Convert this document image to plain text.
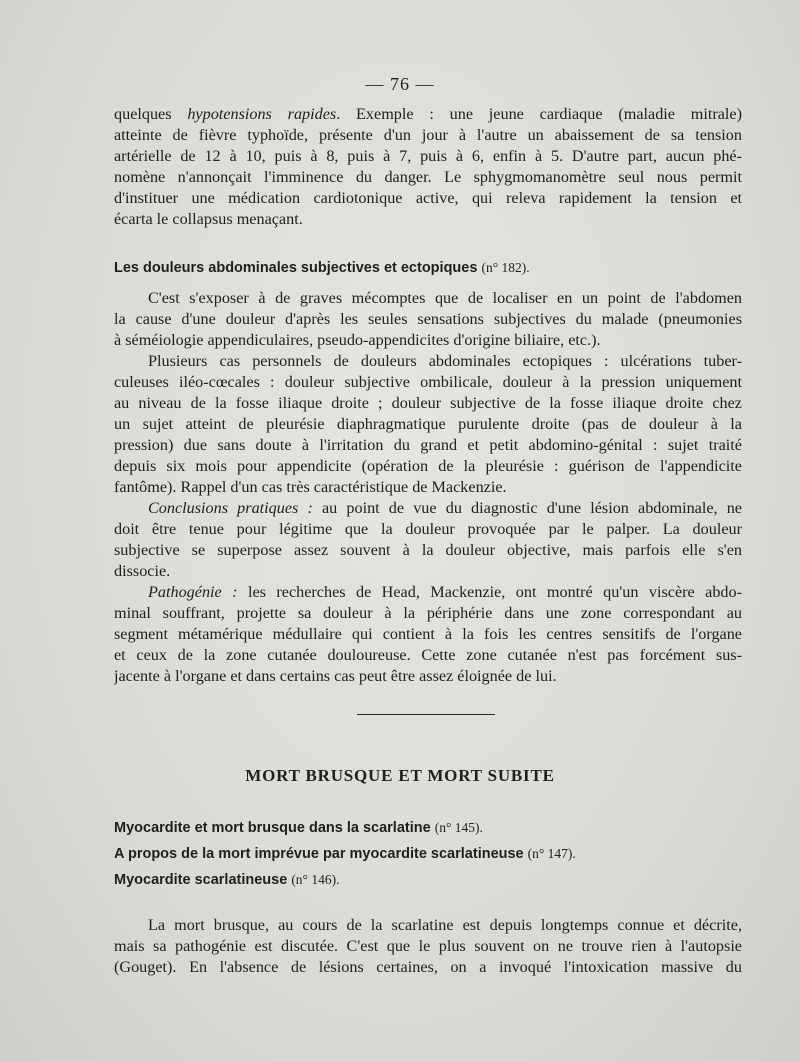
— 76 —
quelques hypotensions rapides. Exemple : une jeune cardiaque (maladie mitrale)
atteinte de fièvre typhoïde, présente d'un jour à l'autre un abaissement de sa tension
artérielle de 12 à 10, puis à 8, puis à 7, puis à 6, enfin à 5. D'autre part, aucun phé-
nomène n'annonçait l'imminence du danger. Le sphygmomanomètre seul nous permit
d'instituer une médication cardiotonique active, qui releva rapidement la tension et
écarta le collapsus menaçant.
Les douleurs abdominales subjectives et ectopiques (n° 182).
C'est s'exposer à de graves mécomptes que de localiser en un point de l'abdomen
la cause d'une douleur d'après les seules sensations subjectives du malade (pneumonies
à séméiologie appendiculaires, pseudo-appendicites d'origine biliaire, etc.).
Plusieurs cas personnels de douleurs abdominales ectopiques : ulcérations tuber-
culeuses iléo-cœcales : douleur subjective ombilicale, douleur à la pression uniquement
au niveau de la fosse iliaque droite ; douleur subjective de la fosse iliaque droite chez
un sujet atteint de pleurésie diaphragmatique purulente droite (pas de douleur à la
pression) due sans doute à l'irritation du grand et petit abdomino-génital : sujet traité
depuis six mois pour appendicite (opération de la pleurésie : guérison de l'appendicite
fantôme). Rappel d'un cas très caractéristique de Mackenzie.
Conclusions pratiques : au point de vue du diagnostic d'une lésion abdominale, ne
doit être tenue pour légitime que la douleur provoquée par le palper. La douleur
subjective se superpose assez souvent à la douleur objective, mais parfois elle s'en
dissocie.
Pathogénie : les recherches de Head, Mackenzie, ont montré qu'un viscère abdo-
minal souffrant, projette sa douleur à la périphérie dans une zone correspondant au
segment métamérique médullaire qui contient à la fois les centres sensitifs de l'organe
et ceux de la zone cutanée douloureuse. Cette zone cutanée n'est pas forcément sus-
jacente à l'organe et dans certains cas peut être assez éloignée de lui.
MORT BRUSQUE ET MORT SUBITE
Myocardite et mort brusque dans la scarlatine (n° 145).
A propos de la mort imprévue par myocardite scarlatineuse (n° 147).
Myocardite scarlatineuse (n° 146).
La mort brusque, au cours de la scarlatine est depuis longtemps connue et décrite,
mais sa pathogénie est discutée. C'est que le plus souvent on ne trouve rien à l'autopsie
(Gouget). En l'absence de lésions certaines, on a invoqué l'intoxication massive du
